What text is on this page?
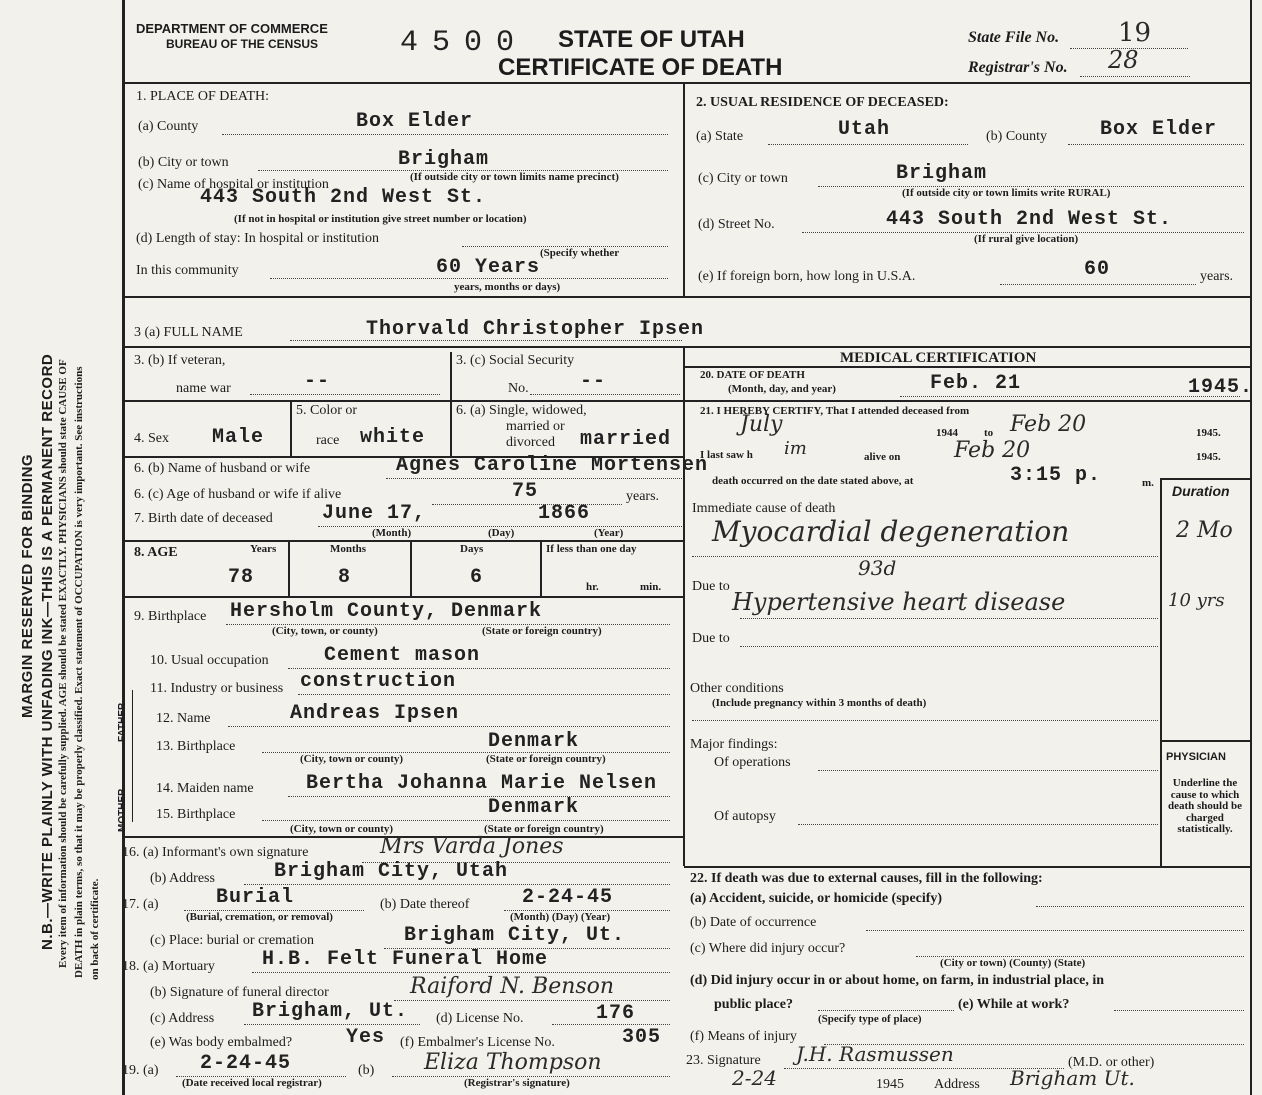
MARGIN RESERVED FOR BINDING N.B.—WRITE PLAINLY WITH UNFADING INK—THIS IS A PERMANENT RECORD Every item of information should be carefully supplied. AGE should be stated EXACTLY. PHYSICIANS should state CAUSE OF DEATH in plain terms, so that it may be properly classified. Exact statement of OCCUPATION is very important. See instructions on back of certificate.
DEPARTMENT OF COMMERCE
BUREAU OF THE CENSUS	4500 STATE OF UTAH
CERTIFICATE OF DEATH
State File No. 19
Registrar's No. 28
1. PLACE OF DEATH:
(a) County	Box Elder
(b) City or town	Brigham
(c) Name of hospital or institution	(If outside city or town limits name precinct)
443 South 2nd West St.
(If not in hospital or institution give street number or location)
(d) Length of stay: In hospital or institution
(Specify whether
In this community	60 Years
years, months or days)
2. USUAL RESIDENCE OF DECEASED:
(a) State	Utah	(b) County	Box Elder
(c) City or town	Brigham
(If outside city or town limits write RURAL)
(d) Street No.	443 South 2nd West St.
(If rural give location)
(e) If foreign born, how long in U.S.A.	60	years.
3 (a) FULL NAME	Thorvald Christopher Ipsen
3. (b) If veteran,
name war	--
3. (c) Social Security
No.	--
4. Sex Male
5. Color or
race white
6. (a) Single, widowed,
married or
divorced married
6. (b) Name of husband or wife	Agnes Caroline Mortensen
6. (c) Age of husband or wife if alive	75	years.
7. Birth date of deceased June 17,	1866
(Month)	(Day)	(Year)
8. AGE	Years	Months	Days	If less than one day
78	8	6	hr.	min.
9. Birthplace Hersholm County, Denmark
(City, town, or county)	(State or foreign country)
10. Usual occupation	Cement mason
11. Industry or business construction
FATHER
MOTHER
12. Name	Andreas Ipsen
13. Birthplace	Denmark
(City, town or county)	(State or foreign country)
14. Maiden name	Bertha Johanna Marie Nelsen
15. Birthplace	Denmark
(City, town or county)	(State or foreign country)
16. (a) Informant's own signature	Mrs Varda Jones
(b) Address	Brigham City, Utah
17. (a)	Burial
(Burial, cremation, or removal)
(b) Date thereof	2-24-45
(Month) (Day) (Year)
(c) Place: burial or cremation	Brigham City, Ut.
18. (a) Mortuary H.B. Felt Funeral Home
(b) Signature of funeral director	Raiford N. Benson
(c) Address Brigham, Ut. (d) License No.	176
(e) Was body embalmed?	Yes (f) Embalmer's License No.	305
19. (a) 2-24-45
(Date received local registrar)
(b) Eliza Thompson
(Registrar's signature)
MEDICAL CERTIFICATION
20. DATE OF DEATH
(Month, day, and year)	Feb. 21	1945.
21. I HEREBY CERTIFY, That I attended deceased from
July	1944 to Feb 20	1945.
I last saw h im	alive on Feb 20	1945.
death occurred on the date stated above, at	3:15 p.	m. Duration
Immediate cause of death
Myocardial degeneration
93d
2 Mo
Due to
Hypertensive heart disease	10 yrs
Due to
Other conditions
(Include pregnancy within 3 months of death)
Major findings:
Of operations
Of autopsy
PHYSICIAN
Underline the cause to which death should be charged statistically.
22. If death was due to external causes, fill in the following:
(a) Accident, suicide, or homicide (specify)
(b) Date of occurrence
(c) Where did injury occur?
(City or town) (County) (State)
(d) Did injury occur in or about home, on farm, in industrial place, in
public place?
(Specify type of place)
(e) While at work?
(f) Means of injury
23. Signature J.H. Rasmussen	(M.D. or other)
2-24	1945 Address Brigham Ut.
